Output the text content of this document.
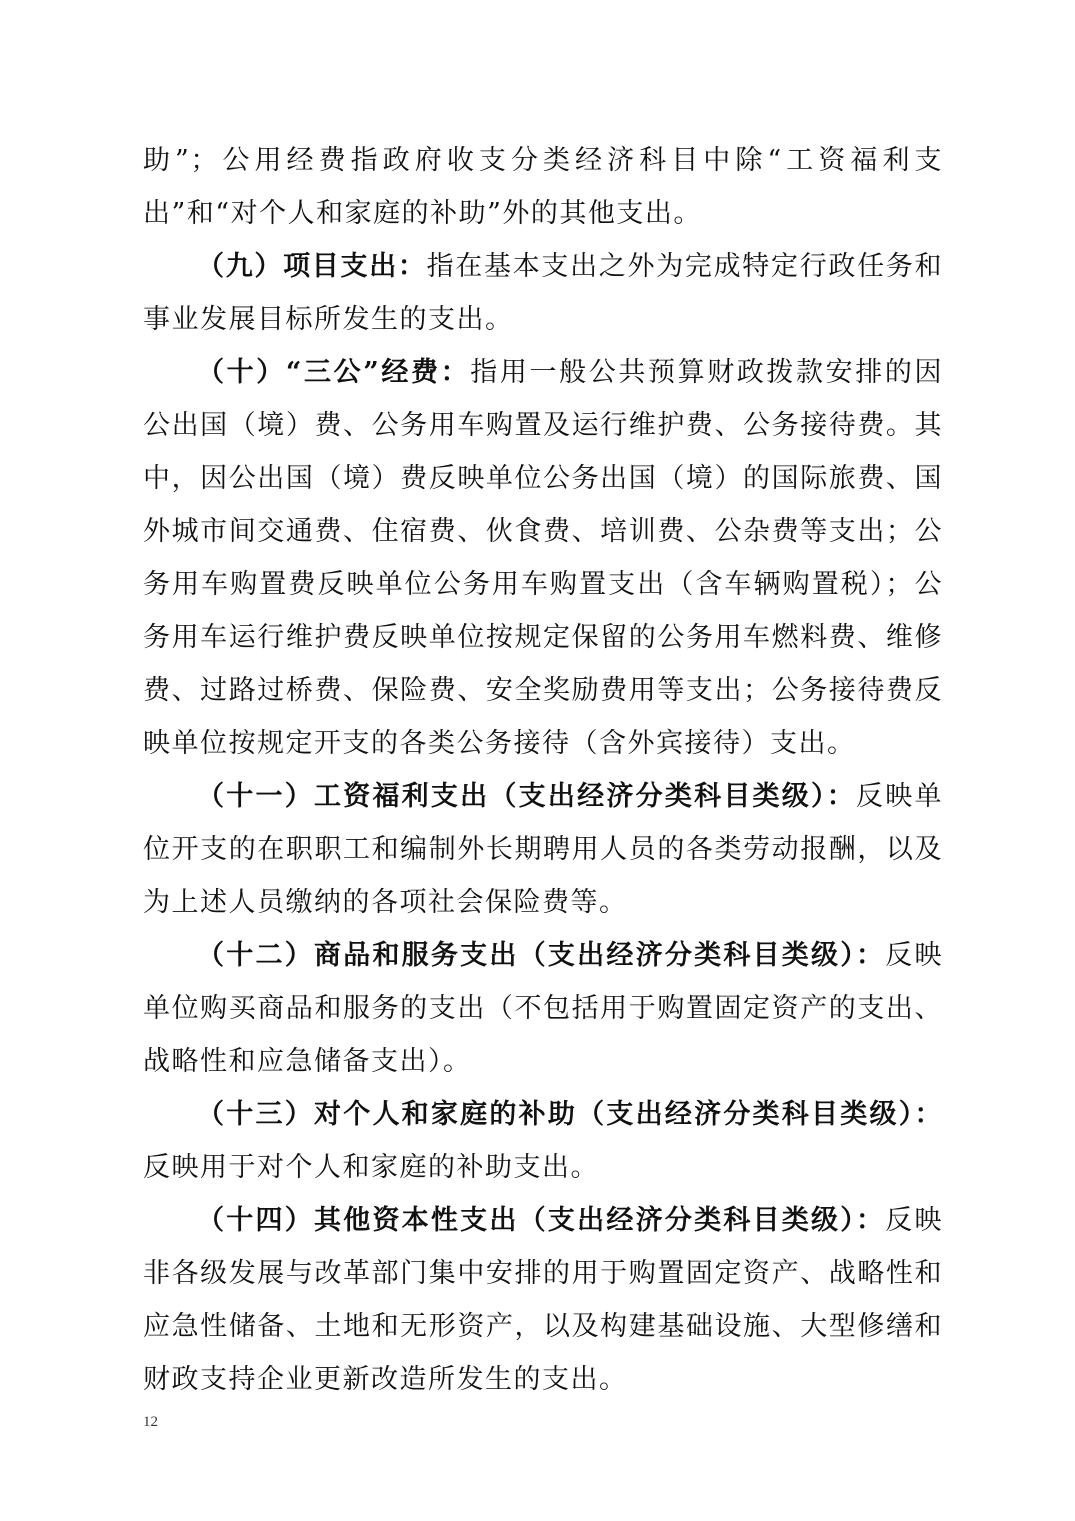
助”；公用经费指政府收支分类经济科目中除“工资福利支出”和“对个人和家庭的补助”外的其他支出。

（九）项目支出：指在基本支出之外为完成特定行政任务和事业发展目标所发生的支出。

（十）“三公”经费：指用一般公共预算财政拨款安排的因公出国（境）费、公务用车购置及运行维护费、公务接待费。其中，因公出国（境）费反映单位公务出国（境）的国际旅费、国外城市间交通费、住宿费、伙食费、培训费、公杂费等支出；公务用车购置费反映单位公务用车购置支出（含车辆购置税）；公务用车运行维护费反映单位按规定保留的公务用车燃料费、维修费、过路过桥费、保险费、安全奖励费用等支出；公务接待费反映单位按规定开支的各类公务接待（含外宾接待）支出。

（十一）工资福利支出（支出经济分类科目类级）：反映单位开支的在职职工和编制外长期聘用人员的各类劳动报酬，以及为上述人员缴纳的各项社会保险费等。

（十二）商品和服务支出（支出经济分类科目类级）：反映单位购买商品和服务的支出（不包括用于购置固定资产的支出、战略性和应急储备支出）。

（十三）对个人和家庭的补助（支出经济分类科目类级）：反映用于对个人和家庭的补助支出。

（十四）其他资本性支出（支出经济分类科目类级）：反映非各级发展与改革部门集中安排的用于购置固定资产、战略性和应急性储备、土地和无形资产，以及构建基础设施、大型修缮和财政支持企业更新改造所发生的支出。

12
